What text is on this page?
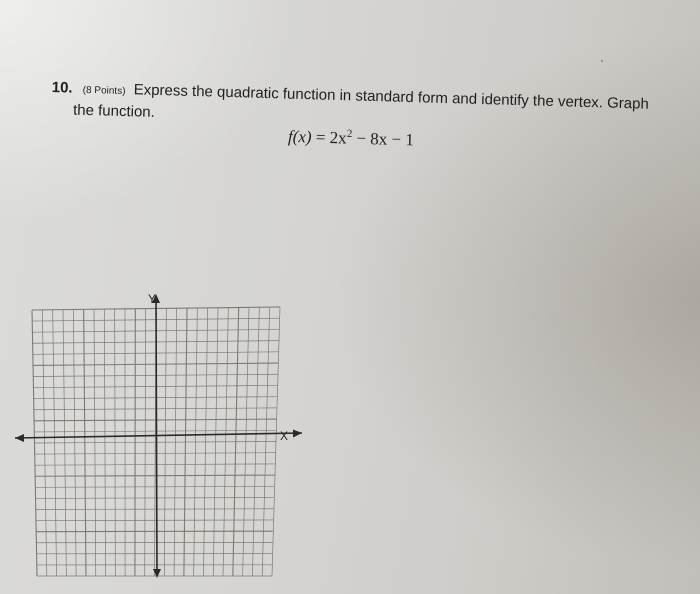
10. (8 Points) Express the quadratic function in standard form and identify the vertex. Graph
the function.
$f(x) = 2x^2 - 8x - 1$
Y
X
